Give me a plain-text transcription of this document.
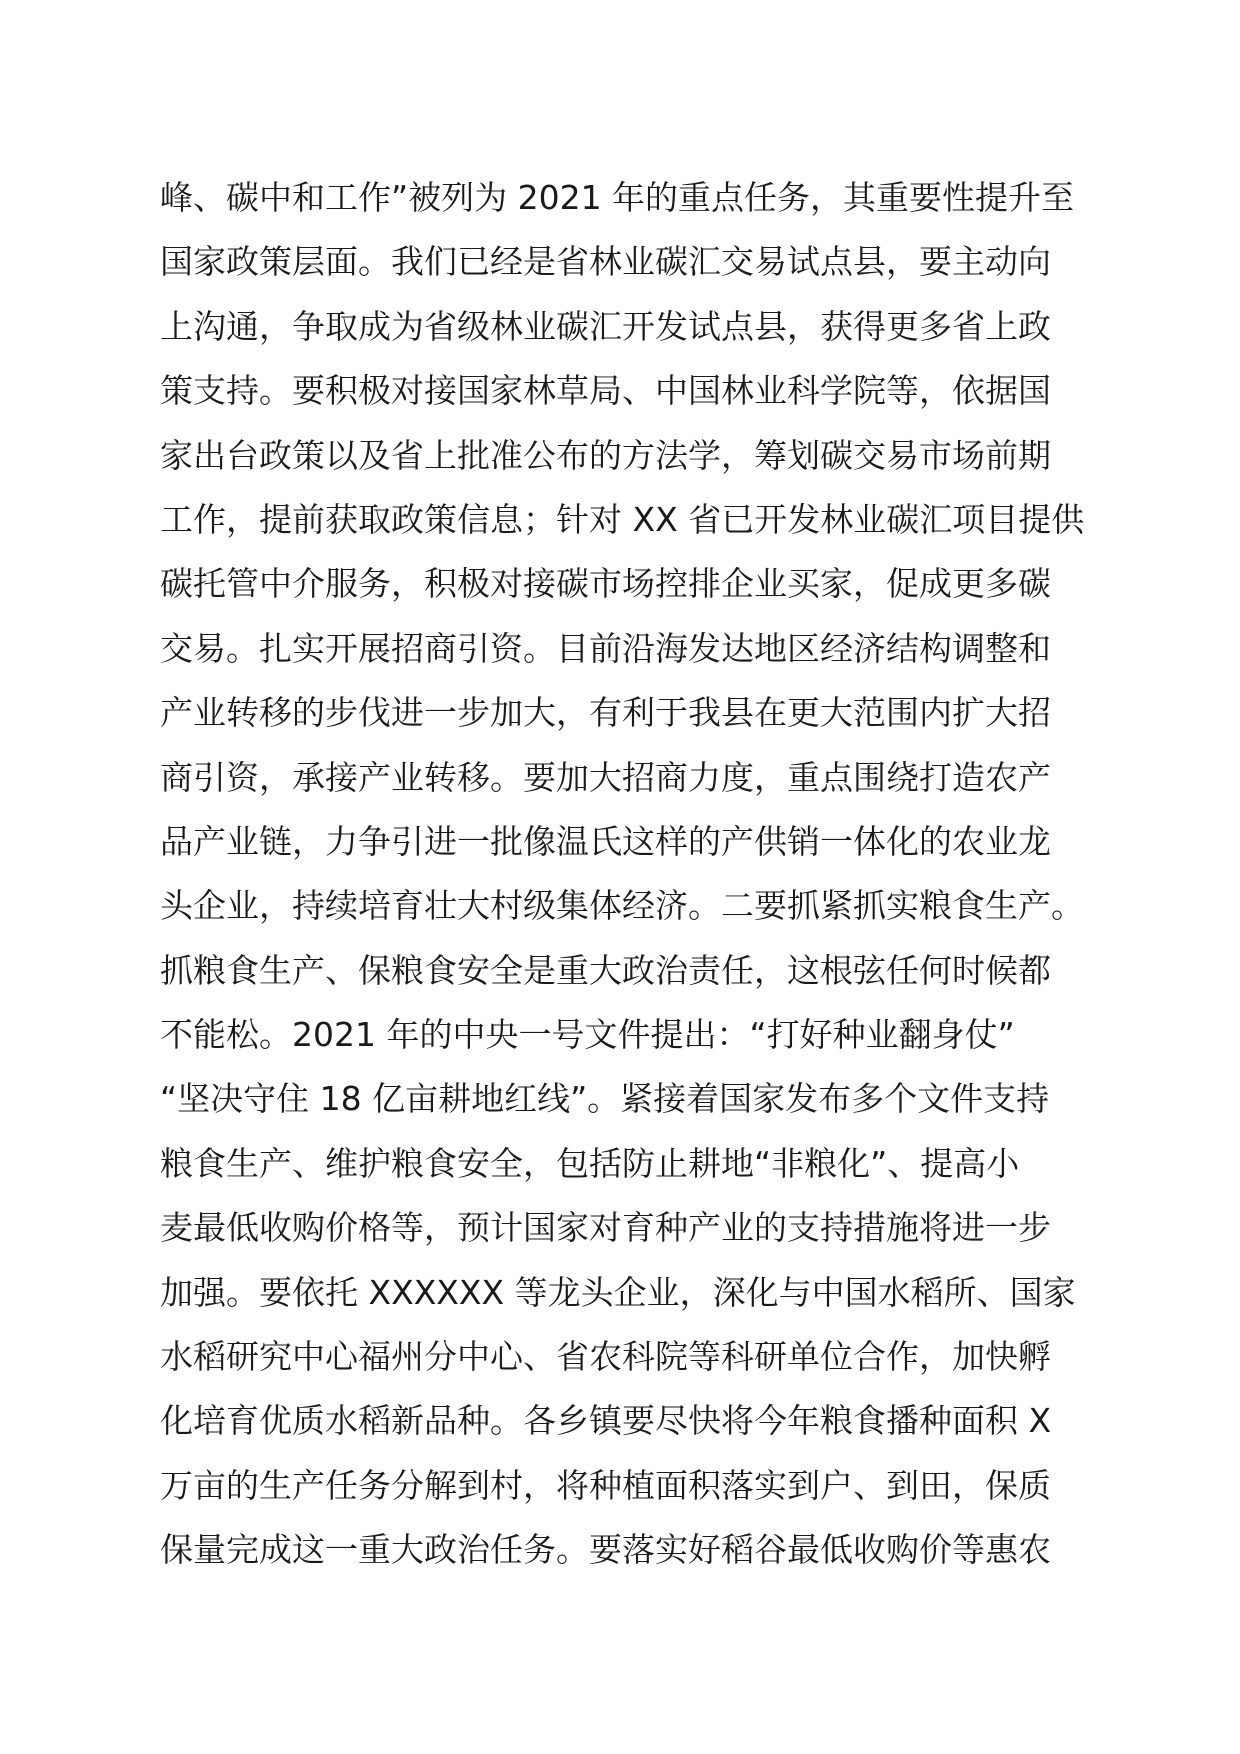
峰、碳中和工作”被列为 2021 年的重点任务，其重要性提升至
国家政策层面。我们已经是省林业碳汇交易试点县，要主动向
上沟通，争取成为省级林业碳汇开发试点县，获得更多省上政
策支持。要积极对接国家林草局、中国林业科学院等，依据国
家出台政策以及省上批准公布的方法学，筹划碳交易市场前期
工作，提前获取政策信息；针对 XX 省已开发林业碳汇项目提供
碳托管中介服务，积极对接碳市场控排企业买家，促成更多碳
交易。扎实开展招商引资。目前沿海发达地区经济结构调整和
产业转移的步伐进一步加大，有利于我县在更大范围内扩大招
商引资，承接产业转移。要加大招商力度，重点围绕打造农产
品产业链，力争引进一批像温氏这样的产供销一体化的农业龙
头企业，持续培育壮大村级集体经济。二要抓紧抓实粮食生产。
抓粮食生产、保粮食安全是重大政治责任，这根弦任何时候都
不能松。2021 年的中央一号文件提出：“打好种业翻身仗”
“坚决守住 18 亿亩耕地红线”。紧接着国家发布多个文件支持
粮食生产、维护粮食安全，包括防止耕地“非粮化”、提高小
麦最低收购价格等，预计国家对育种产业的支持措施将进一步
加强。要依托 XXXXXX 等龙头企业，深化与中国水稻所、国家
水稻研究中心福州分中心、省农科院等科研单位合作，加快孵
化培育优质水稻新品种。各乡镇要尽快将今年粮食播种面积 X
万亩的生产任务分解到村，将种植面积落实到户、到田，保质
保量完成这一重大政治任务。要落实好稻谷最低收购价等惠农
